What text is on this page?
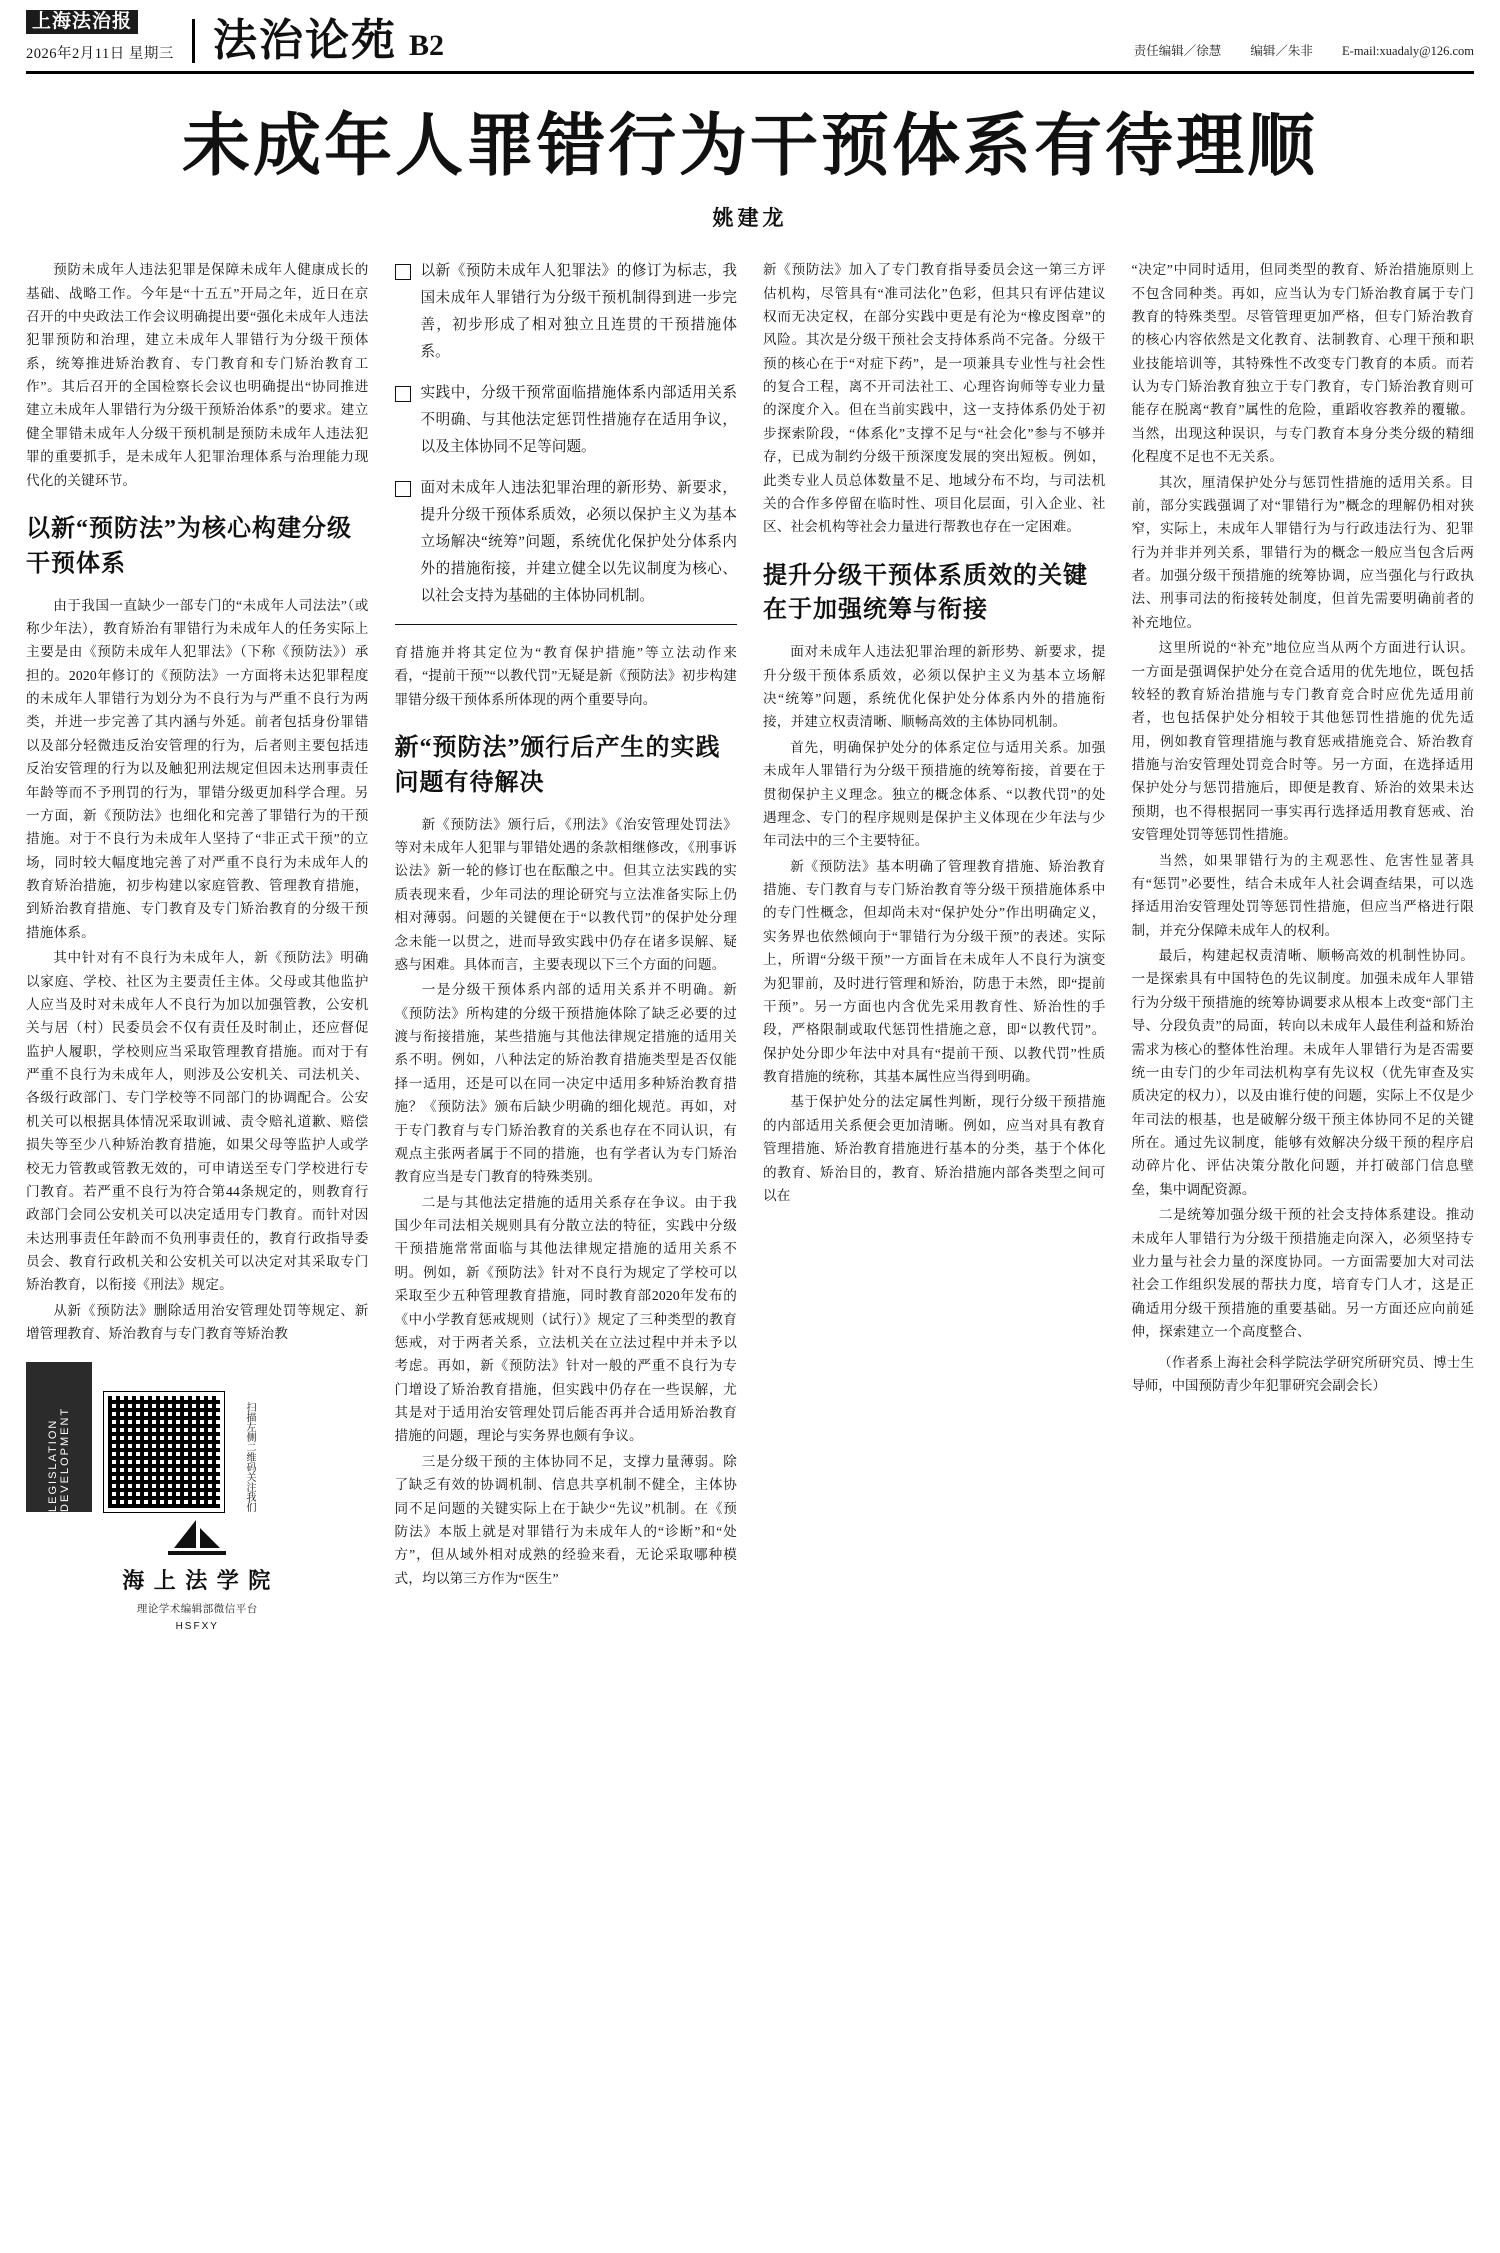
上海法治报
2026年2月11日 星期三 法治论苑 B2	责任编辑／徐慧 编辑／朱非 E-mail:xuadaly@126.com
未成年人罪错行为干预体系有待理顺
姚建龙

预防未成年人违法犯罪是保障未成年人健康成长的基础、战略工作。今年是“十五五”开局之年，近日在京召开的中央政法工作会议明确提出要“强化未成年人违法犯罪预防和治理，建立未成年人罪错行为分级干预体系，统筹推进矫治教育、专门教育和专门矫治教育工作”。其后召开的全国检察长会议也明确提出“协同推进建立未成年人罪错行为分级干预矫治体系”的要求。建立健全罪错未成年人分级干预机制是预防未成年人违法犯罪的重要抓手，是未成年人犯罪治理体系与治理能力现代化的关键环节。

以新“预防法”为核心构建分级干预体系

由于我国一直缺少一部专门的“未成年人司法法”（或称少年法），教育矫治有罪错行为未成年人的任务实际上主要是由《预防未成年人犯罪法》（下称《预防法》）承担的。2020年修订的《预防法》一方面将未达犯罪程度的未成年人罪错行为划分为不良行为与严重不良行为两类，并进一步完善了其内涵与外延。前者包括身份罪错以及部分轻微违反治安管理的行为，后者则主要包括违反治安管理的行为以及触犯刑法规定但因未达刑事责任年龄等而不予刑罚的行为，罪错分级更加科学合理。另一方面，新《预防法》也细化和完善了罪错行为的干预措施。对于不良行为未成年人坚持了“非正式干预”的立场，同时较大幅度地完善了对严重不良行为未成年人的教育矫治措施，初步构建以家庭管教、管理教育措施，到矫治教育措施、专门教育及专门矫治教育的分级干预措施体系。

其中针对有不良行为未成年人，新《预防法》明确以家庭、学校、社区为主要责任主体。父母或其他监护人应当及时对未成年人不良行为加以加强管教，公安机关与居（村）民委员会不仅有责任及时制止，还应督促监护人履职，学校则应当采取管理教育措施。而对于有严重不良行为未成年人，则涉及公安机关、司法机关、各级行政部门、专门学校等不同部门的协调配合。公安机关可以根据具体情况采取训诫、责令赔礼道歉、赔偿损失等至少八种矫治教育措施，如果父母等监护人或学校无力管教或管教无效的，可申请送至专门学校进行专门教育。若严重不良行为符合第44条规定的，则教育行政部门会同公安机关可以决定适用专门教育。而针对因未达刑事责任年龄而不负刑事责任的，教育行政指导委员会、教育行政机关和公安机关可以决定对其采取专门矫治教育，以衔接《刑法》规定。

从新《预防法》删除适用治安管理处罚等规定、新增管理教育、矫治教育与专门教育等矫治教

LEGISLATION DEVELOPMENT	扫描左侧二维码关注我们
海 上 法 学 院
理论学术编辑部微信平台
HSFXY
以新《预防未成年人犯罪法》的修订为标志，我国未成年人罪错行为分级干预机制得到进一步完善，初步形成了相对独立且连贯的干预措施体系。
实践中，分级干预常面临措施体系内部适用关系不明确、与其他法定惩罚性措施存在适用争议，以及主体协同不足等问题。
面对未成年人违法犯罪治理的新形势、新要求，提升分级干预体系质效，必须以保护主义为基本立场解决“统筹”问题，系统优化保护处分体系内外的措施衔接，并建立健全以先议制度为核心、以社会支持为基础的主体协同机制。

育措施并将其定位为“教育保护措施”等立法动作来看，“提前干预”“以教代罚”无疑是新《预防法》初步构建罪错分级干预体系所体现的两个重要导向。

新“预防法”颁行后产生的实践问题有待解决

新《预防法》颁行后，《刑法》《治安管理处罚法》等对未成年人犯罪与罪错处遇的条款相继修改，《刑事诉讼法》新一轮的修订也在酝酿之中。但其立法实践的实质表现来看，少年司法的理论研究与立法准备实际上仍相对薄弱。问题的关键便在于“以教代罚”的保护处分理念未能一以贯之，进而导致实践中仍存在诸多误解、疑惑与困难。具体而言，主要表现以下三个方面的问题。

一是分级干预体系内部的适用关系并不明确。新《预防法》所构建的分级干预措施体除了缺乏必要的过渡与衔接措施，某些措施与其他法律规定措施的适用关系不明。例如，八种法定的矫治教育措施类型是否仅能择一适用，还是可以在同一决定中适用多种矫治教育措施？《预防法》颁布后缺少明确的细化规范。再如，对于专门教育与专门矫治教育的关系也存在不同认识，有观点主张两者属于不同的措施，也有学者认为专门矫治教育应当是专门教育的特殊类别。

二是与其他法定措施的适用关系存在争议。由于我国少年司法相关规则具有分散立法的特征，实践中分级干预措施常常面临与其他法律规定措施的适用关系不明。例如，新《预防法》针对不良行为规定了学校可以采取至少五种管理教育措施，同时教育部2020年发布的《中小学教育惩戒规则（试行）》规定了三种类型的教育惩戒，对于两者关系，立法机关在立法过程中并未予以考虑。再如，新《预防法》针对一般的严重不良行为专门增设了矫治教育措施，但实践中仍存在一些误解，尤其是对于适用治安管理处罚后能否再并合适用矫治教育措施的问题，理论与实务界也颇有争议。

三是分级干预的主体协同不足，支撑力量薄弱。除了缺乏有效的协调机制、信息共享机制不健全，主体协同不足问题的关键实际上在于缺少“先议”机制。在《预防法》本版上就是对罪错行为未成年人的“诊断”和“处方”，但从域外相对成熟的经验来看，无论采取哪种模式，均以第三方作为“医生”

新《预防法》加入了专门教育指导委员会这一第三方评估机构，尽管具有“准司法化”色彩，但其只有评估建议权而无决定权，在部分实践中更是有沦为“橡皮图章”的风险。其次是分级干预社会支持体系尚不完备。分级干预的核心在于“对症下药”，是一项兼具专业性与社会性的复合工程，离不开司法社工、心理咨询师等专业力量的深度介入。但在当前实践中，这一支持体系仍处于初步探索阶段，“体系化”支撑不足与“社会化”参与不够并存，已成为制约分级干预深度发展的突出短板。例如，此类专业人员总体数量不足、地域分布不均，与司法机关的合作多停留在临时性、项目化层面，引入企业、社区、社会机构等社会力量进行帮教也存在一定困难。

提升分级干预体系质效的关键在于加强统筹与衔接

面对未成年人违法犯罪治理的新形势、新要求，提升分级干预体系质效，必须以保护主义为基本立场解决“统筹”问题，系统优化保护处分体系内外的措施衔接，并建立权责清晰、顺畅高效的主体协同机制。

首先，明确保护处分的体系定位与适用关系。加强未成年人罪错行为分级干预措施的统筹衔接，首要在于贯彻保护主义理念。独立的概念体系、“以教代罚”的处遇理念、专门的程序规则是保护主义体现在少年法与少年司法中的三个主要特征。

新《预防法》基本明确了管理教育措施、矫治教育措施、专门教育与专门矫治教育等分级干预措施体系中的专门性概念，但却尚未对“保护处分”作出明确定义，实务界也依然倾向于“罪错行为分级干预”的表述。实际上，所谓“分级干预”一方面旨在未成年人不良行为演变为犯罪前，及时进行管理和矫治，防患于未然，即“提前干预”。另一方面也内含优先采用教育性、矫治性的手段，严格限制或取代惩罚性措施之意，即“以教代罚”。保护处分即少年法中对具有“提前干预、以教代罚”性质教育措施的统称，其基本属性应当得到明确。

基于保护处分的法定属性判断，现行分级干预措施的内部适用关系便会更加清晰。例如，应当对具有教育管理措施、矫治教育措施进行基本的分类，基于个体化的教育、矫治目的，教育、矫治措施内部各类型之间可以在

“决定”中同时适用，但同类型的教育、矫治措施原则上不包含同种类。再如，应当认为专门矫治教育属于专门教育的特殊类型。尽管管理更加严格，但专门矫治教育的核心内容依然是文化教育、法制教育、心理干预和职业技能培训等，其特殊性不改变专门教育的本质。而若认为专门矫治教育独立于专门教育，专门矫治教育则可能存在脱离“教育”属性的危险，重蹈收容教养的覆辙。当然，出现这种误识，与专门教育本身分类分级的精细化程度不足也不无关系。

其次，厘清保护处分与惩罚性措施的适用关系。目前，部分实践强调了对“罪错行为”概念的理解仍相对狭窄，实际上，未成年人罪错行为与行政违法行为、犯罪行为并非并列关系，罪错行为的概念一般应当包含后两者。加强分级干预措施的统筹协调，应当强化与行政执法、刑事司法的衔接转处制度，但首先需要明确前者的补充地位。

这里所说的“补充”地位应当从两个方面进行认识。一方面是强调保护处分在竞合适用的优先地位，既包括较轻的教育矫治措施与专门教育竞合时应优先适用前者，也包括保护处分相较于其他惩罚性措施的优先适用，例如教育管理措施与教育惩戒措施竞合、矫治教育措施与治安管理处罚竞合时等。另一方面，在选择适用保护处分与惩罚措施后，即便是教育、矫治的效果未达预期，也不得根据同一事实再行选择适用教育惩戒、治安管理处罚等惩罚性措施。

当然，如果罪错行为的主观恶性、危害性显著具有“惩罚”必要性，结合未成年人社会调查结果，可以选择适用治安管理处罚等惩罚性措施，但应当严格进行限制，并充分保障未成年人的权利。

最后，构建起权责清晰、顺畅高效的机制性协同。一是探索具有中国特色的先议制度。加强未成年人罪错行为分级干预措施的统筹协调要求从根本上改变“部门主导、分段负责”的局面，转向以未成年人最佳利益和矫治需求为核心的整体性治理。未成年人罪错行为是否需要统一由专门的少年司法机构享有先议权（优先审查及实质决定的权力），以及由谁行使的问题，实际上不仅是少年司法的根基，也是破解分级干预主体协同不足的关键所在。通过先议制度，能够有效解决分级干预的程序启动碎片化、评估决策分散化问题，并打破部门信息壁垒，集中调配资源。

二是统筹加强分级干预的社会支持体系建设。推动未成年人罪错行为分级干预措施走向深入，必须坚持专业力量与社会力量的深度协同。一方面需要加大对司法社会工作组织发展的帮扶力度，培育专门人才，这是正确适用分级干预措施的重要基础。另一方面还应向前延伸，探索建立一个高度整合、

（作者系上海社会科学院法学研究所研究员、博士生导师，中国预防青少年犯罪研究会副会长）
